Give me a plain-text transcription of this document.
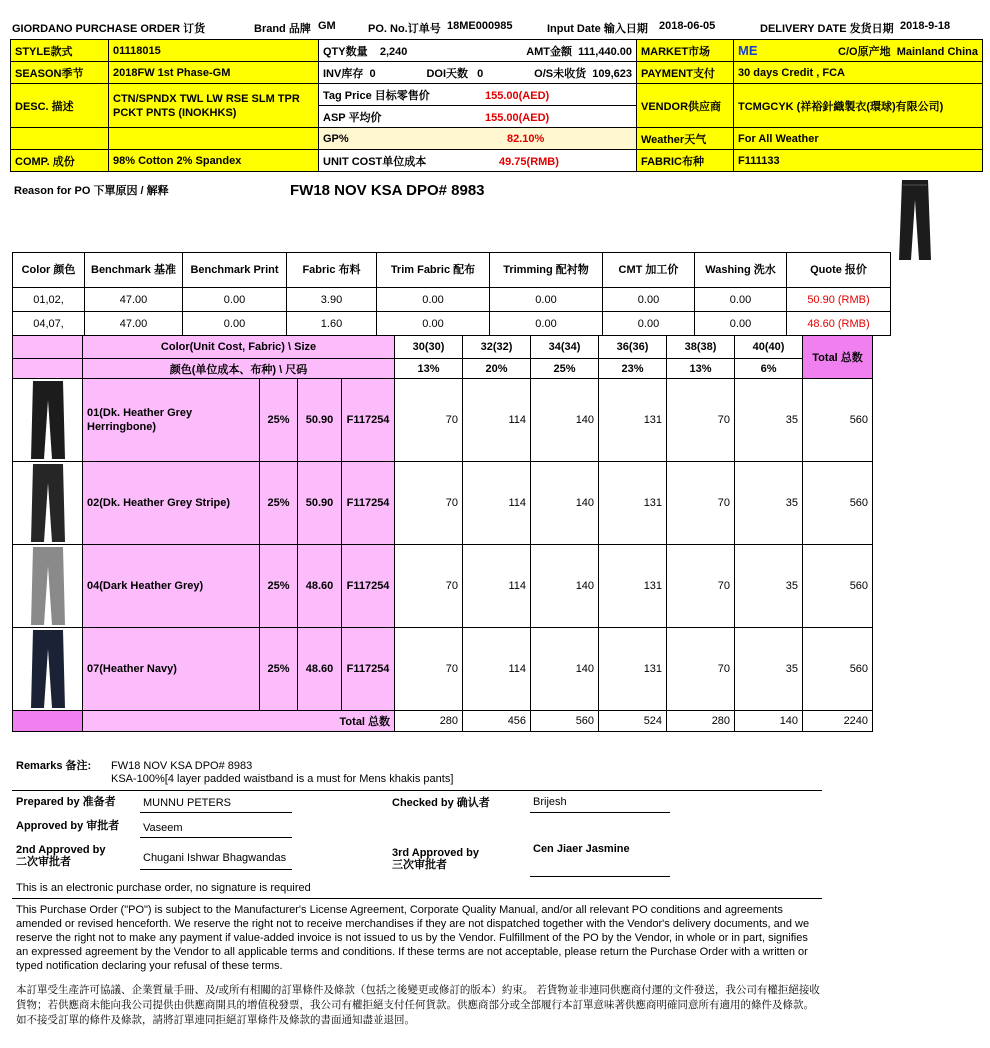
GIORDANO PURCHASE ORDER 订货	Brand 品牌 GM	PO. No.订单号 18ME000985	Input Date 输入日期 2018-06-05	DELIVERY DATE 发货日期 2018-9-18
STYLE款式	01118015	QTY数量 2,240 AMT金额 111,440.00	MARKET市场	ME C/O原产地 Mainland China

SEASON季节	2018FW 1st Phase-GM	INV库存 0 DOI天数 0 O/S未收货 109,623	PAYMENT支付	30 days Credit , FCA
DESC. 描述	CTN/SPNDX TWL LW RSE SLM TPR PCKT PNTS (INOKHKS)	Tag Price 目标零售价 155.00(AED)	VENDOR供应商	TCMGCYK (祥裕針織製衣(環球)有限公司)
		ASP 平均价 155.00(AED)		
		GP% 82.10%	Weather天气	For All Weather
COMP. 成份	98% Cotton 2% Spandex	UNIT COST单位成本 49.75(RMB)	FABRIC布种	F111133
Reason for PO 下單原因 / 解释	FW18 NOV KSA DPO# 8983
Color 颜色	Benchmark 基准	Benchmark Print	Fabric 布料	Trim Fabric 配布	Trimming 配衬物	CMT 加工价	Washing 洗水	Quote 报价
01,02,	47.00	0.00	3.90	0.00	0.00	0.00	0.00	50.90 (RMB)
04,07,	47.00	0.00	1.60	0.00	0.00	0.00	0.00	48.60 (RMB)
	Color(Unit Cost, Fabric) \ Size				30(30)	32(32)	34(34)	36(36)	38(38)	40(40)	Total 总数
	颜色(单位成本、布种) \ 尺码				13%	20%	25%	23%	13%	6%	

	01(Dk. Heather Grey Herringbone)	25%	50.90	F117254	70	114	140	131	70	35	560

	02(Dk. Heather Grey Stripe)	25%	50.90	F117254	70	114	140	131	70	35	560

	04(Dark Heather Grey)	25%	48.60	F117254	70	114	140	131	70	35	560

	07(Heather Navy)	25%	48.60	F117254	70	114	140	131	70	35	560
	Total 总数				280	456	560	524	280	140	2240
Remarks 备注: FW18 NOV KSA DPO# 8983
KSA-100%[4 layer padded waistband is a must for Mens khakis pants]
Prepared by 准备者 MUNNU PETERS	Checked by 确认者	Brijesh
Approved by 审批者 Vaseem
2nd Approved by
二次审批者	Chugani Ishwar Bhagwandas	3rd Approved by
三次审批者
Cen Jiaer Jasmine
This is an electronic purchase order, no signature is required
This Purchase Order ("PO") is subject to the Manufacturer's License Agreement, Corporate Quality Manual, and/or all relevant PO conditions and agreements amended or revised henceforth. We reserve the right not to receive merchandises if they are not dispatched together with the Vendor's delivery documents, and we reserve the right not to make any payment if value-added invoice is not issued to us by the Vendor. Fulfillment of the PO by the Vendor, in whole or in part, signifies an expressed agreement by the Vendor to all applicable terms and conditions. If these terms are not acceptable, please return the Purchase Order with a written or typed notification declaring your refusal of these terms.
本訂單受生產許可協議、企業質量手冊、及/或所有相關的訂單條件及條款（包括之後變更或修訂的版本）約束。 若貨物並非連同供應商付運的文件發送，我公司有權拒絕接收貨物；若供應商未能向我公司提供由供應商開具的增值稅發票，我公司有權拒絕支付任何貨款。供應商部分或全部履行本訂單意味著供應商明確同意所有適用的條件及條款。如不接受訂單的條件及條款，請將訂單連同拒絕訂單條件及條款的書面通知盡並退回。
